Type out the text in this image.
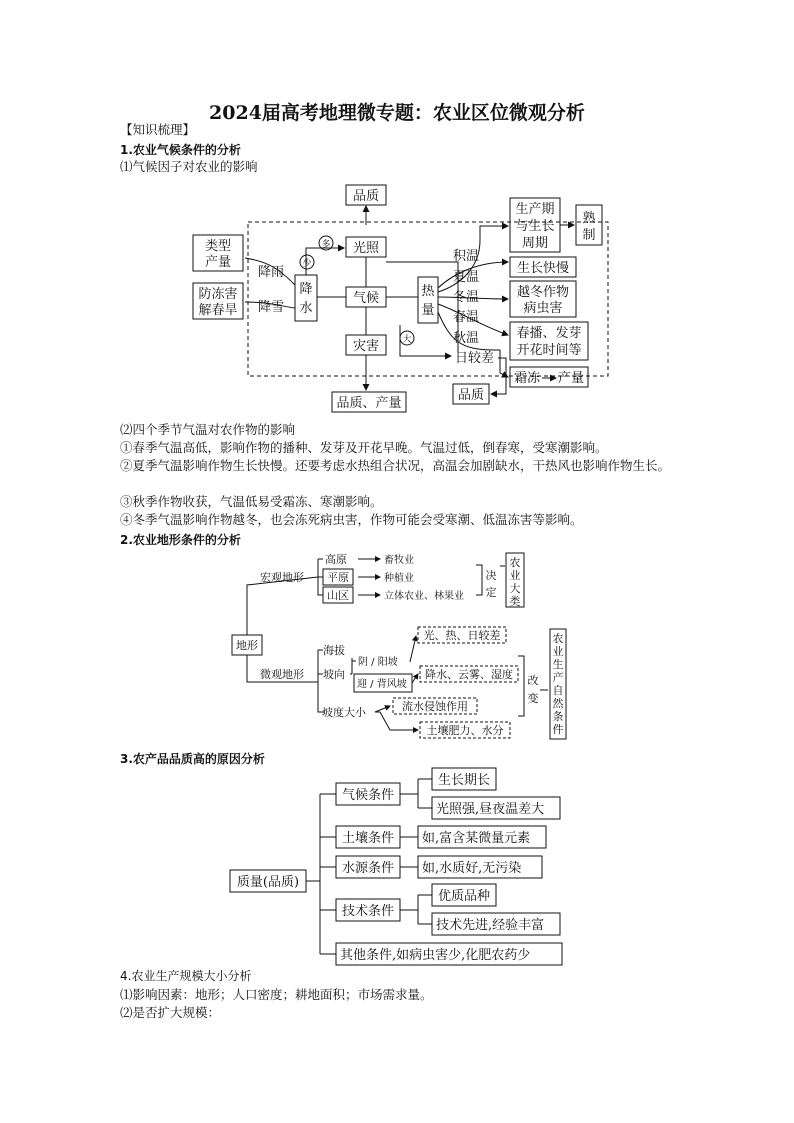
2024届高考地理微专题：农业区位微观分析
【知识梳理】
1.农业气候条件的分析
⑴气候因子对农业的影响
品质
光照
气候
灾害
品质、产量
类型
产量
防冻害
解春旱
降雨
降雪
降
水
多
少
大
热
量
积温
夏温
冬温
春温
秋温
日较差
生产期
与生长
周期
熟
制
生长快慢
越冬作物
病虫害
春播、发芽
开花时间等
霜冻 产量
品质
⑵四个季节气温对农作物的影响
①春季气温高低，影响作物的播种、发芽及开花早晚。气温过低，倒春寒，受寒潮影响。
②夏季气温影响作物生长快慢。还要考虑水热组合状况，高温会加剧缺水，干热风也影响作物生长。
③秋季作物收获，气温低易受霜冻、寒潮影响。
④冬季气温影响作物越冬，也会冻死病虫害，作物可能会受寒潮、低温冻害等影响。
2.农业地形条件的分析
地形
宏观地形
微观地形
高原
平原
山区
畜牧业
种植业
立体农业、林果业
决
定
农
业
大
类
海拔
坡向
坡度大小
阴 / 阳坡
迎 / 背风坡
光、热、日较差
降水、云雾、湿度
流水侵蚀作用
土壤肥力、水分
改
变
农
业
生
产
自
然
条
件
3.农产品品质高的原因分析
质量(品质)
气候条件
土壤条件
水源条件
技术条件
其他条件,如病虫害少,化肥农药少
生长期长
光照强,昼夜温差大
如,富含某微量元素
如,水质好,无污染
优质品种
技术先进,经验丰富
4.农业生产规模大小分析
⑴影响因素：地形；人口密度；耕地面积；市场需求量。
⑵是否扩大规模：
